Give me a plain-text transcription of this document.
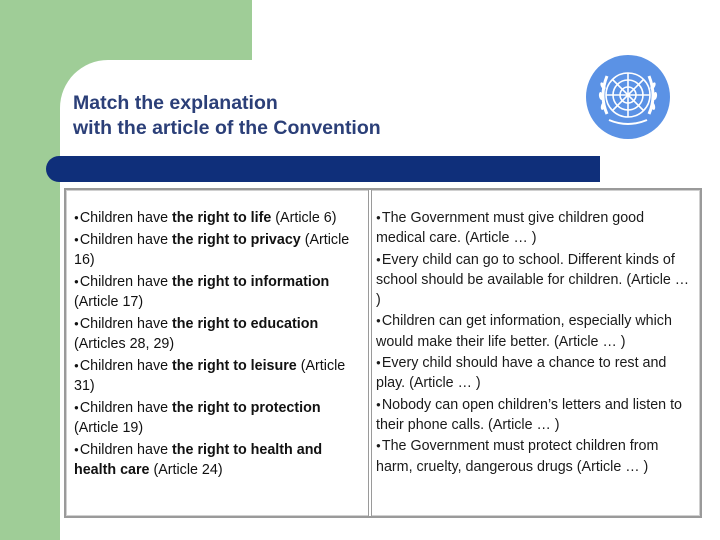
Match the explanation
with the article of the Convention
●Children have the right to life (Article 6)
●Children have the right to privacy (Article 16)
●Children have the right to information (Article 17)
●Children have the right to education (Articles 28, 29)
●Children have the right to leisure (Article 31)
●Children have the right to protection (Article 19)
●Children have the right to health and health care (Article 24)
●The Government must give children good medical care. (Article … )
●Every child can go to school. Different kinds of school should be available for children. (Article … )
●Children can get information, especially which would make their life better. (Article … )
●Every child should have a chance to rest and play. (Article … )
●Nobody can open children’s letters and listen to their phone calls. (Article … )
●The Government must protect children from harm, cruelty, dangerous drugs (Article … )
